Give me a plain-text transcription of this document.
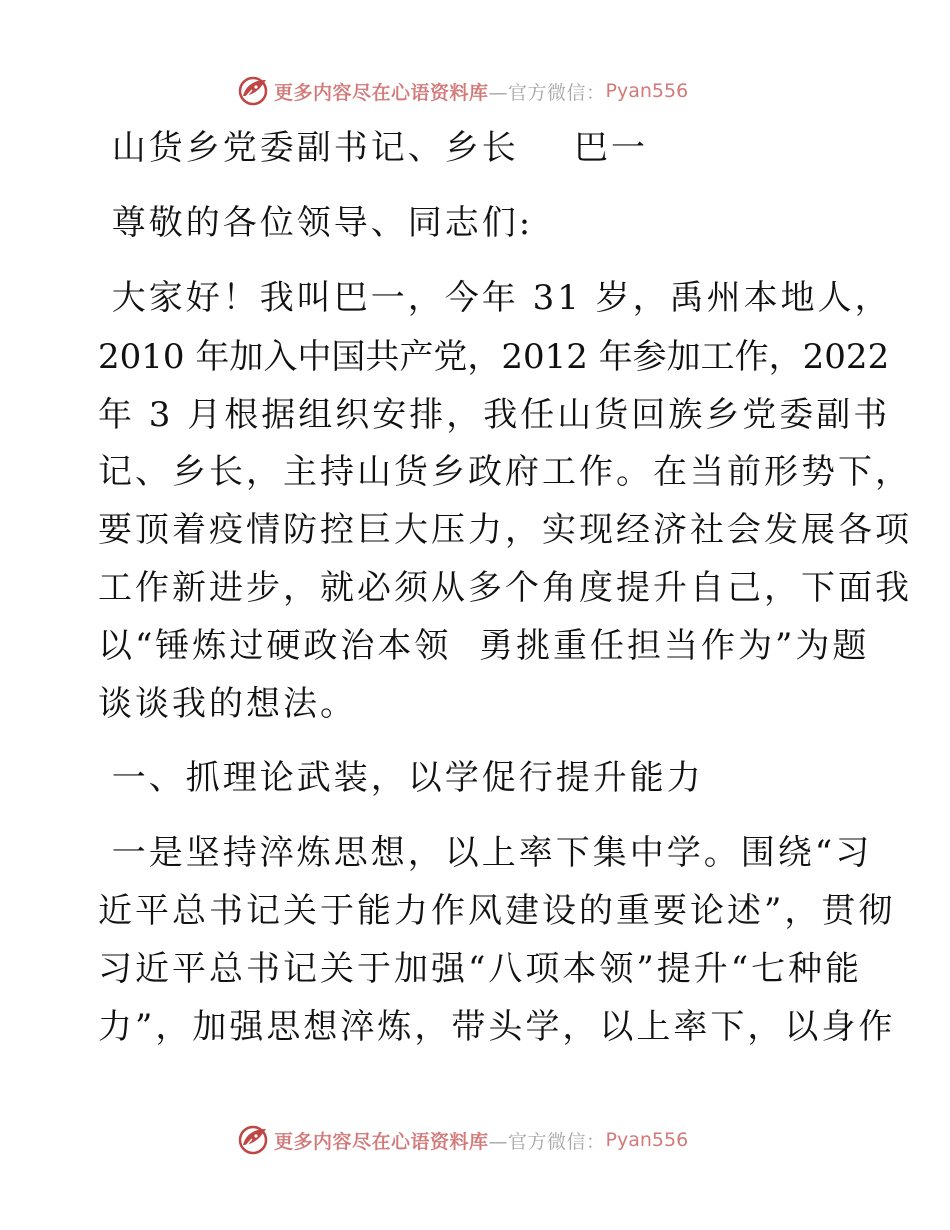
更多内容尽在心语资料库 —官方微信： Pyan556
山货乡党委副书记、乡长    巴一
尊敬的各位领导、同志们:
大家好！我叫巴一，今年 31 岁，禹州本地人，
2010 年加入中国共产党，2012 年参加工作，2022
年 3 月根据组织安排，我任山货回族乡党委副书
记、乡长，主持山货乡政府工作。在当前形势下，
要顶着疫情防控巨大压力，实现经济社会发展各项
工作新进步，就必须从多个角度提升自己，下面我
以“锤炼过硬政治本领  勇挑重任担当作为”为题
谈谈我的想法。
一、抓理论武装，以学促行提升能力
一是坚持淬炼思想，以上率下集中学。围绕“习
近平总书记关于能力作风建设的重要论述”，贯彻
习近平总书记关于加强“八项本领”提升“七种能
力”，加强思想淬炼，带头学，以上率下，以身作
更多内容尽在心语资料库 —官方微信： Pyan556
